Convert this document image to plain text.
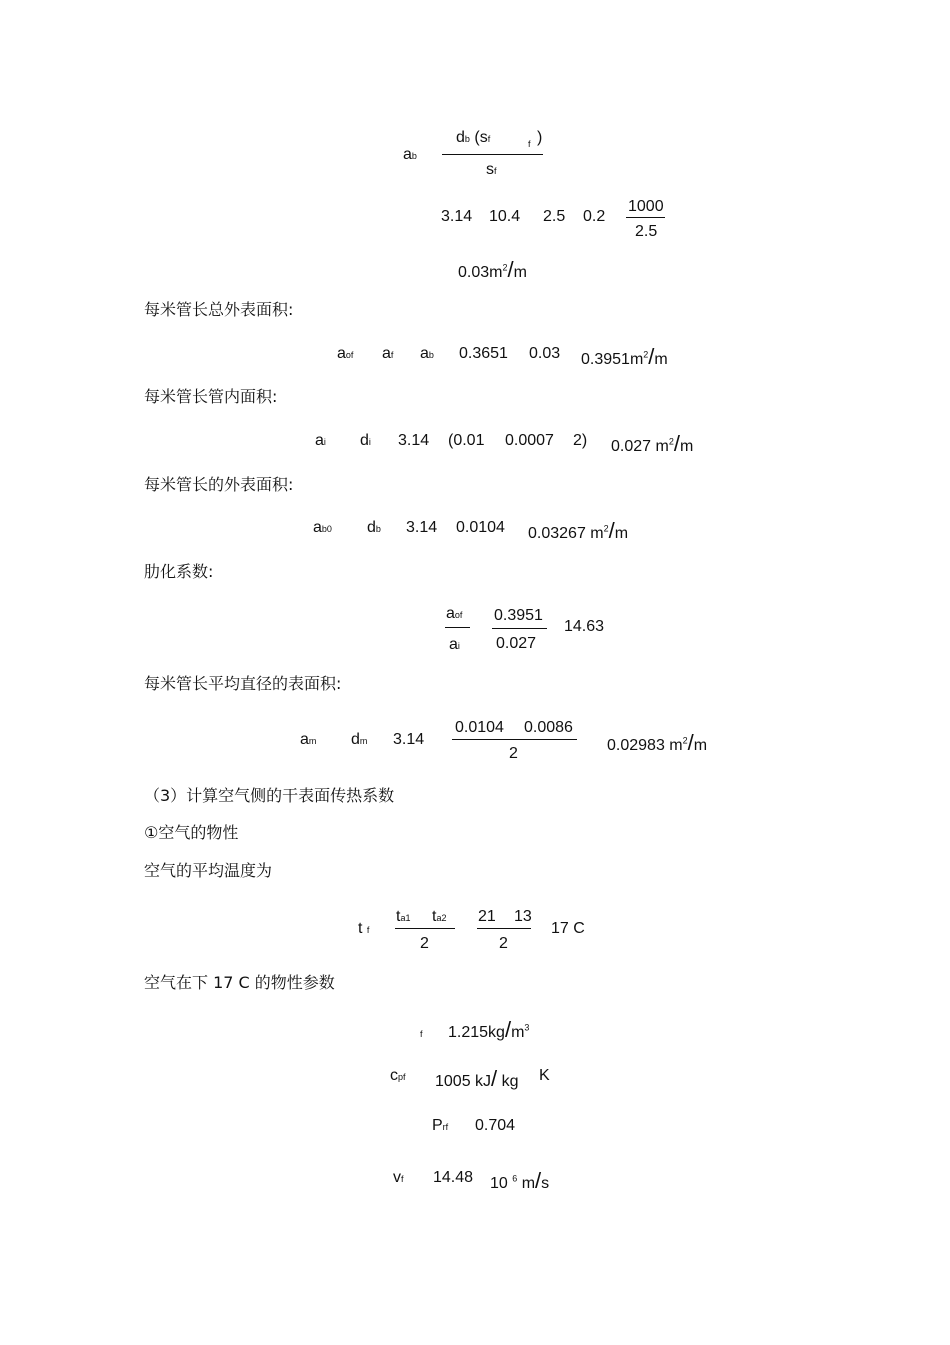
ab
db (sf	f )
sf
3.14 10.4 2.5 0.2
1000
2.5
$0.03m^2/m$
每米管长总外表面积:
aof af ab 0.3651 0.03 $0.3951m^2/m$
每米管长管内面积:
ai di 3.14 (0.01 0.0007 2) 0.027 $m^2/m$
每米管长的外表面积:
ab0 db 3.14 0.0104 0.03267 $m^2/m$
肋化系数:
aof
ai
0.3951
0.027
14.63
每米管长平均直径的表面积:
am dm 3.14
0.0104 0.0086
2	0.02983 $m^2/m$
（3）计算空气侧的干表面传热系数
①空气的物性
空气的平均温度为
t f
ta1 ta2
2
21 13
2
17 C
空气在下 17 C 的物性参数
f $1.215kg/m^3$
cpf 1005 kJ/ kg K
Prf 0.704
vf 14.48 10 $^6$ m/s
